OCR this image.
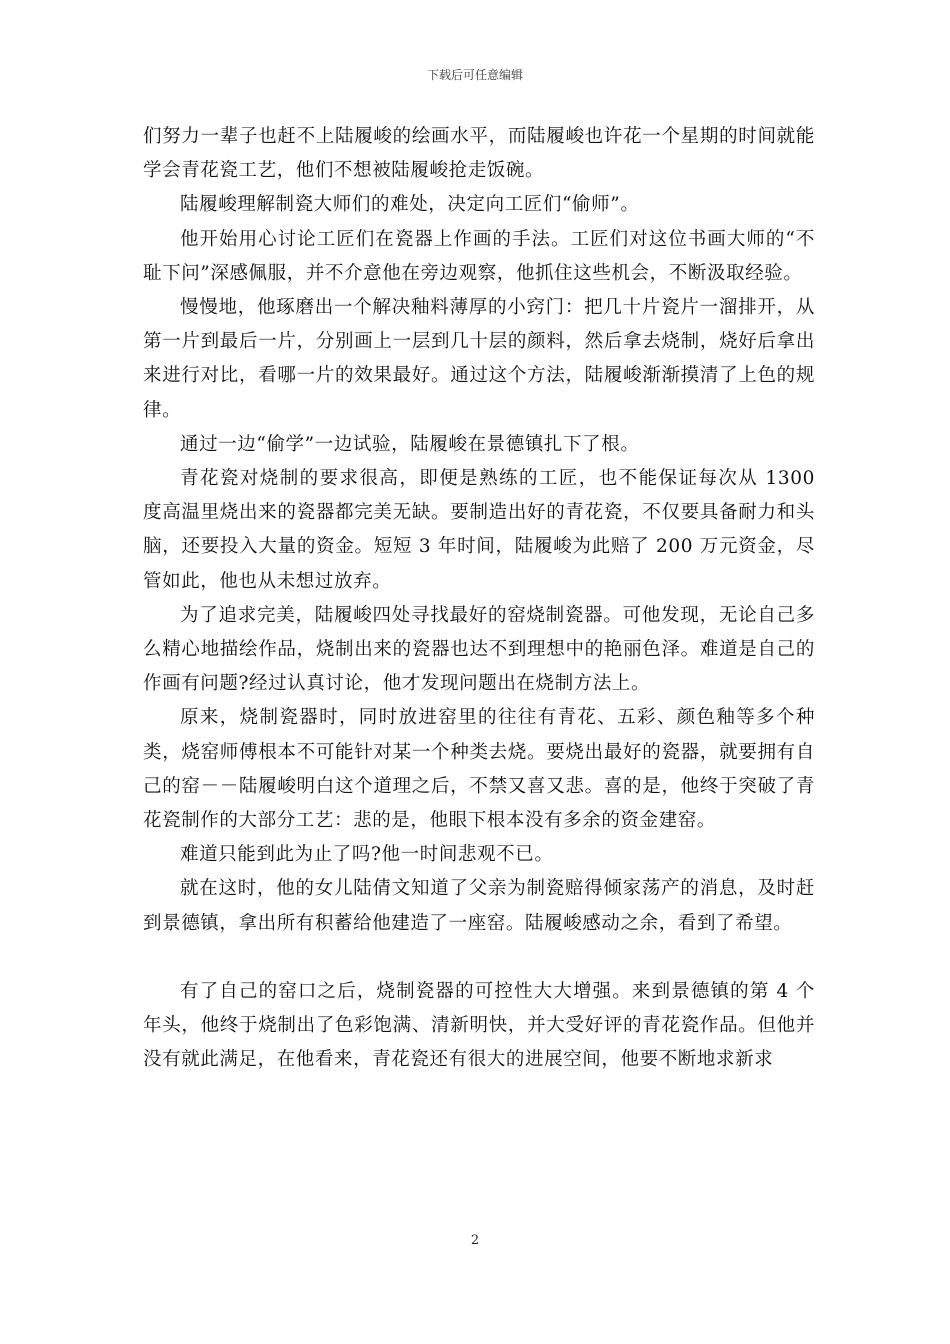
下载后可任意编辑

们努力一辈子也赶不上陆履峻的绘画水平，而陆履峻也许花一个星期的时间就能学会青花瓷工艺，他们不想被陆履峻抢走饭碗。

陆履峻理解制瓷大师们的难处，决定向工匠们“偷师”。

他开始用心讨论工匠们在瓷器上作画的手法。工匠们对这位书画大师的“不耻下问”深感佩服，并不介意他在旁边观察，他抓住这些机会，不断汲取经验。

慢慢地，他琢磨出一个解决釉料薄厚的小窍门：把几十片瓷片一溜排开，从第一片到最后一片，分别画上一层到几十层的颜料，然后拿去烧制，烧好后拿出来进行对比，看哪一片的效果最好。通过这个方法，陆履峻渐渐摸清了上色的规律。

通过一边“偷学”一边试验，陆履峻在景德镇扎下了根。

青花瓷对烧制的要求很高，即便是熟练的工匠，也不能保证每次从 1300 度高温里烧出来的瓷器都完美无缺。要制造出好的青花瓷，不仅要具备耐力和头脑，还要投入大量的资金。短短 3 年时间，陆履峻为此赔了 200 万元资金，尽管如此，他也从未想过放弃。

为了追求完美，陆履峻四处寻找最好的窑烧制瓷器。可他发现，无论自己多么精心地描绘作品，烧制出来的瓷器也达不到理想中的艳丽色泽。难道是自己的作画有问题?经过认真讨论，他才发现问题出在烧制方法上。

原来，烧制瓷器时，同时放进窑里的往往有青花、五彩、颜色釉等多个种类，烧窑师傅根本不可能针对某一个种类去烧。要烧出最好的瓷器，就要拥有自己的窑－－陆履峻明白这个道理之后，不禁又喜又悲。喜的是，他终于突破了青花瓷制作的大部分工艺：悲的是，他眼下根本没有多余的资金建窑。

难道只能到此为止了吗?他一时间悲观不已。

就在这时，他的女儿陆倩文知道了父亲为制瓷赔得倾家荡产的消息，及时赶到景德镇，拿出所有积蓄给他建造了一座窑。陆履峻感动之余，看到了希望。

有了自己的窑口之后，烧制瓷器的可控性大大增强。来到景德镇的第 4 个年头，他终于烧制出了色彩饱满、清新明快，并大受好评的青花瓷作品。但他并没有就此满足，在他看来，青花瓷还有很大的进展空间，他要不断地求新求

2
